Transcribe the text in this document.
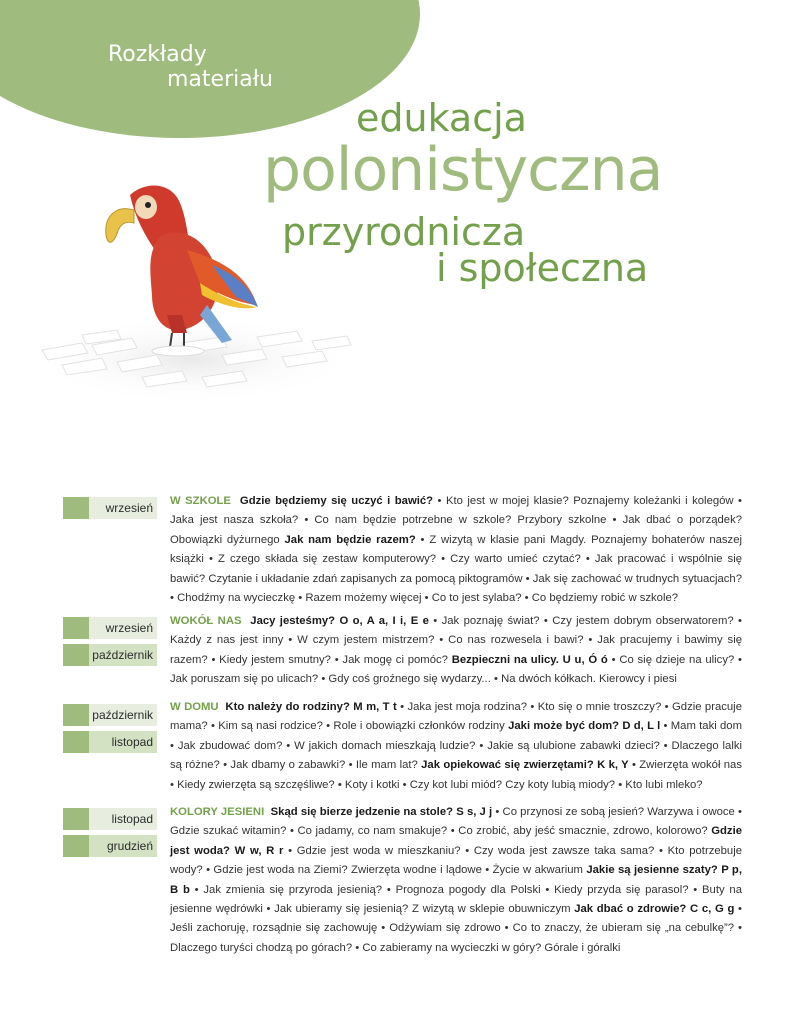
Rozkłady
materiału
edukacja
polonistyczna
przyrodnicza
i społeczna
wrzesień	W SZKOLE Gdzie będziemy się uczyć i bawić? • Kto jest w mojej klasie? Poznajemy koleżanki i kolegów • Jaka jest nasza szkoła? • Co nam będzie potrzebne w szkole? Przybory szkolne • Jak dbać o porządek? Obowiązki dyżurnego Jak nam będzie razem? • Z wizytą w klasie pani Magdy. Poznajemy bohaterów naszej książki • Z czego składa się zestaw komputerowy? • Czy warto umieć czytać? • Jak pracować i wspólnie się bawić? Czytanie i układanie zdań zapisanych za pomocą piktogramów • Jak się zachować w trudnych sytuacjach? • Chodźmy na wycieczkę • Razem możemy więcej • Co to jest sylaba? • Co będziemy robić w szkole?
wrzesień
październik
WOKÓŁ NAS Jacy jesteśmy? O o, A a, I i, E e • Jak poznaję świat? • Czy jestem dobrym obserwatorem? • Każdy z nas jest inny • W czym jestem mistrzem? • Co nas rozwesela i bawi? • Jak pracujemy i bawimy się razem? • Kiedy jestem smutny? • Jak mogę ci pomóc? Bezpieczni na ulicy. U u, Ó ó • Co się dzieje na ulicy? • Jak poruszam się po ulicach? • Gdy coś groźnego się wydarzy... • Na dwóch kółkach. Kierowcy i piesi
październik
listopad
W DOMU Kto należy do rodziny? M m, T t • Jaka jest moja rodzina? • Kto się o mnie troszczy? • Gdzie pracuje mama? • Kim są nasi rodzice? • Role i obowiązki członków rodziny Jaki może być dom? D d, L l • Mam taki dom • Jak zbudować dom? • W jakich domach mieszkają ludzie? • Jakie są ulubione zabawki dzieci? • Dlaczego lalki są różne? • Jak dbamy o zabawki? • Ile mam lat? Jak opiekować się zwierzętami? K k, Y • Zwierzęta wokół nas • Kiedy zwierzęta są szczęśliwe? • Koty i kotki • Czy kot lubi miód? Czy koty lubią miody? • Kto lubi mleko?
listopad
grudzień
KOLORY JESIENI Skąd się bierze jedzenie na stole? S s, J j • Co przynosi ze sobą jesień? Warzywa i owoce • Gdzie szukać witamin? • Co jadamy, co nam smakuje? • Co zrobić, aby jeść smacznie, zdrowo, kolorowo? Gdzie jest woda? W w, R r • Gdzie jest woda w mieszkaniu? • Czy woda jest zawsze taka sama? • Kto potrzebuje wody? • Gdzie jest woda na Ziemi? Zwierzęta wodne i lądowe • Życie w akwarium Jakie są jesienne szaty? P p, B b • Jak zmienia się przyroda jesienią? • Prognoza pogody dla Polski • Kiedy przyda się parasol? • Buty na jesienne wędrówki • Jak ubieramy się jesienią? Z wizytą w sklepie obuwniczym Jak dbać o zdrowie? C c, G g • Jeśli zachoruję, rozsądnie się zachowuję • Odżywiam się zdrowo • Co to znaczy, że ubieram się „na cebulkę”? • Dlaczego turyści chodzą po górach? • Co zabieramy na wycieczki w góry? Górale i góralki
